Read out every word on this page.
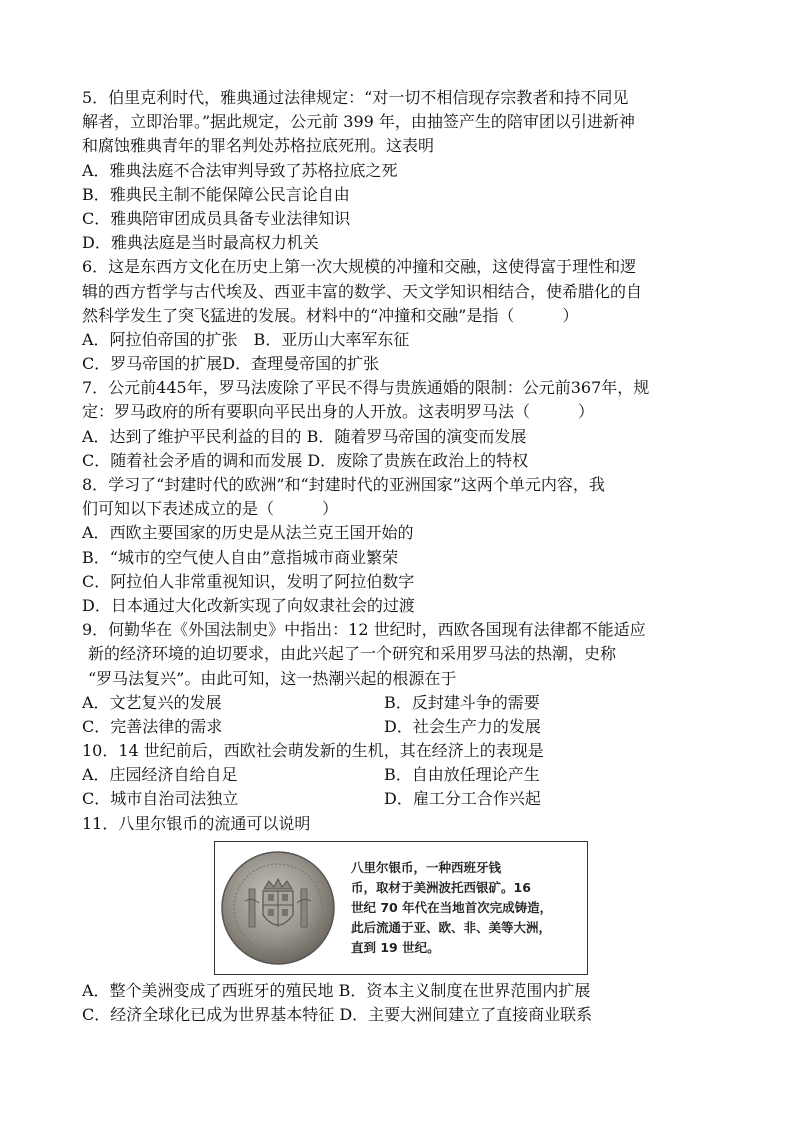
5．伯里克利时代，雅典通过法律规定：“对一切不相信现存宗教者和持不同见
解者，立即治罪。”据此规定，公元前 399 年，由抽签产生的陪审团以引进新神
和腐蚀雅典青年的罪名判处苏格拉底死刑。这表明
A．雅典法庭不合法审判导致了苏格拉底之死
B．雅典民主制不能保障公民言论自由
C．雅典陪审团成员具备专业法律知识
D．雅典法庭是当时最高权力机关
6．这是东西方文化在历史上第一次大规模的冲撞和交融，这使得富于理性和逻
辑的西方哲学与古代埃及、西亚丰富的数学、天文学知识相结合，使希腊化的自
然科学发生了突飞猛进的发展。材料中的“冲撞和交融”是指（　　　）
A．阿拉伯帝国的扩张　B．亚历山大率军东征
C．罗马帝国的扩展D．查理曼帝国的扩张
7．公元前445年，罗马法废除了平民不得与贵族通婚的限制：公元前367年，规
定：罗马政府的所有要职向平民出身的人开放。这表明罗马法（　　　）
A．达到了维护平民利益的目的 B．随着罗马帝国的演变而发展
C．随着社会矛盾的调和而发展 D．废除了贵族在政治上的特权
8．学习了“封建时代的欧洲”和“封建时代的亚洲国家”这两个单元内容，我
们可知以下表述成立的是（　　　）
A．西欧主要国家的历史是从法兰克王国开始的
B．“城市的空气使人自由”意指城市商业繁荣
C．阿拉伯人非常重视知识，发明了阿拉伯数字
D．日本通过大化改新实现了向奴隶社会的过渡
9．何勤华在《外国法制史》中指出：12 世纪时，西欧各国现有法律都不能适应
新的经济环境的迫切要求，由此兴起了一个研究和采用罗马法的热潮，史称
“罗马法复兴”。由此可知，这一热潮兴起的根源在于
A．文艺复兴的发展	B．反封建斗争的需要
C．完善法律的需求	D．社会生产力的发展
10．14 世纪前后，西欧社会萌发新的生机，其在经济上的表现是
A．庄园经济自给自足	B．自由放任理论产生
C．城市自治司法独立	D．雇工分工合作兴起
11．八里尔银币的流通可以说明
八里尔银币，一种西班牙钱
币，取材于美洲波托西银矿。16
世纪 70 年代在当地首次完成铸造，
此后流通于亚、欧、非、美等大洲，
直到 19 世纪。
A．整个美洲变成了西班牙的殖民地 B．资本主义制度在世界范围内扩展
C．经济全球化已成为世界基本特征 D．主要大洲间建立了直接商业联系
